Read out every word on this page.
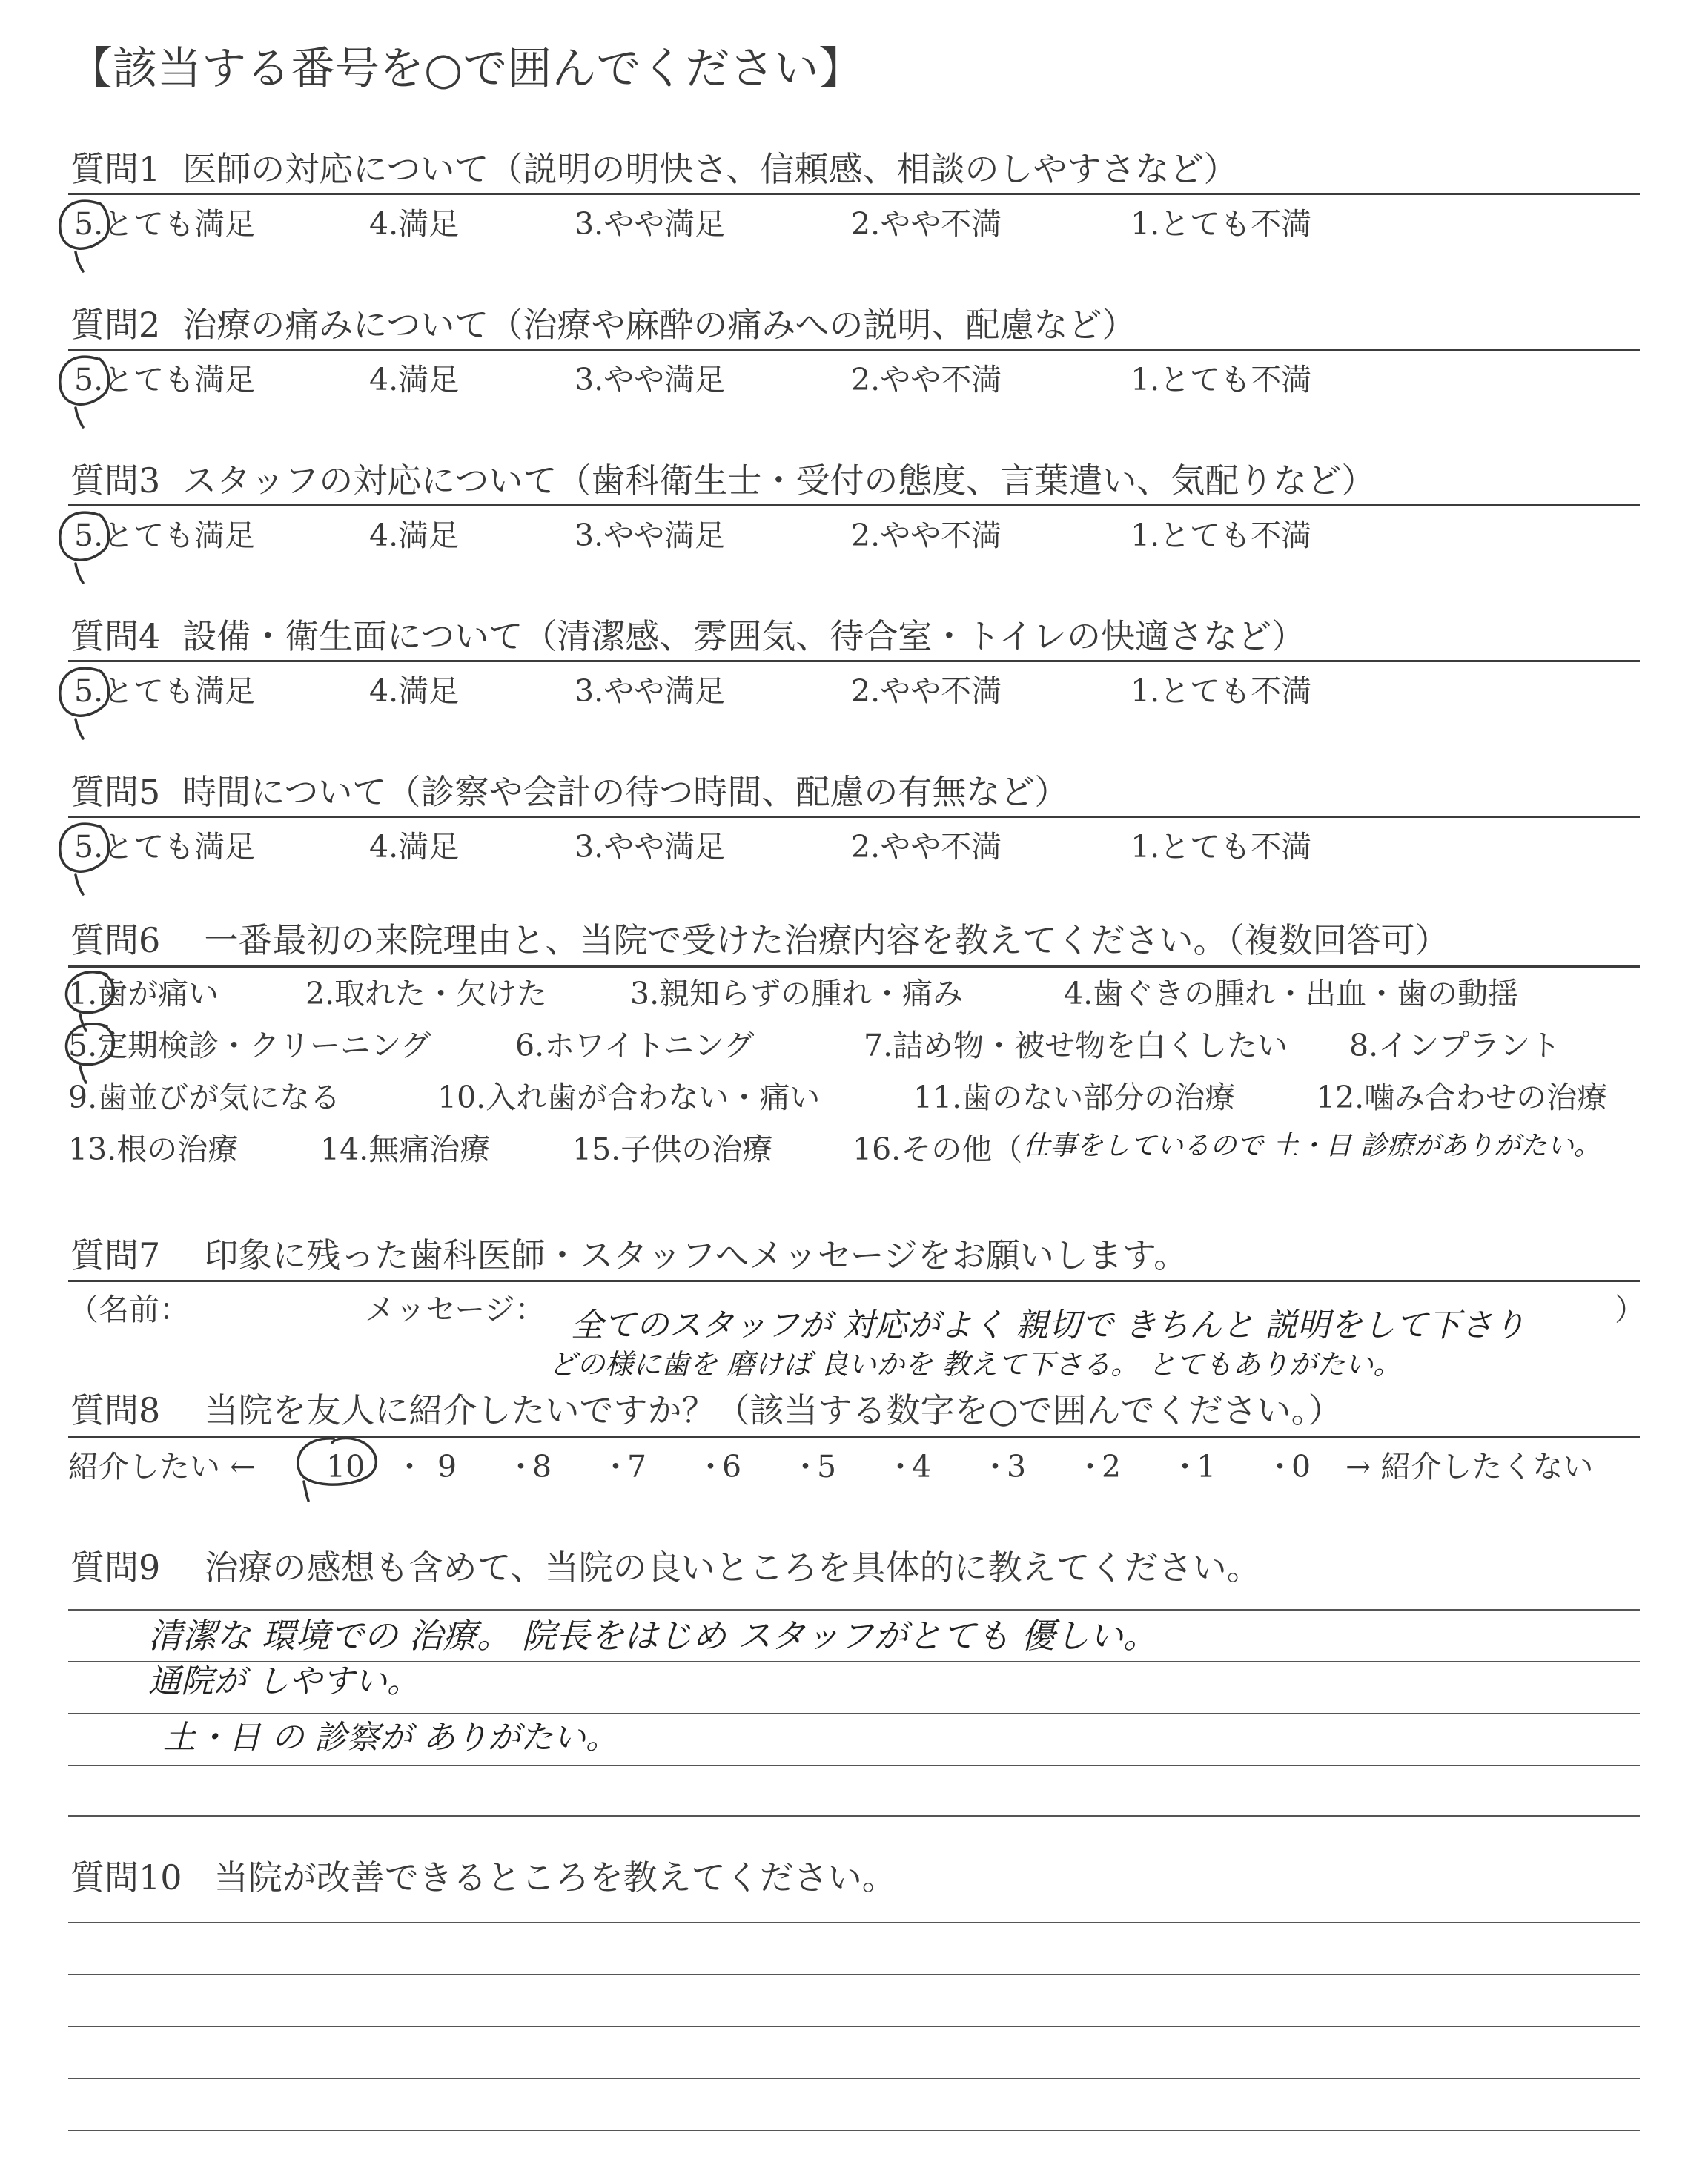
【該当する番号を○で囲んでください】
質問1 医師の対応について（説明の明快さ、信頼感、相談のしやすさなど）
5.とても満足	4.満足	3.やや満足	2.やや不満	1.とても不満
質問2 治療の痛みについて（治療や麻酔の痛みへの説明、配慮など）
5.とても満足	4.満足	3.やや満足	2.やや不満	1.とても不満
質問3 スタッフの対応について（歯科衛生士・受付の態度、言葉遣い、気配りなど）
5.とても満足	4.満足	3.やや満足	2.やや不満	1.とても不満
質問4 設備・衛生面について（清潔感、雰囲気、待合室・トイレの快適さなど）
5.とても満足	4.満足	3.やや満足	2.やや不満	1.とても不満
質問5 時間について（診察や会計の待つ時間、配慮の有無など）
5.とても満足	4.満足	3.やや満足	2.やや不満	1.とても不満
質問6 一番最初の来院理由と、当院で受けた治療内容を教えてください。（複数回答可）
1.歯が痛い	2.取れた・欠けた	3.親知らずの腫れ・痛み	4.歯ぐきの腫れ・出血・歯の動揺
5.定期検診・クリーニング	6.ホワイトニング	7.詰め物・被せ物を白くしたい 8.インプラント
9.歯並びが気になる	10.入れ歯が合わない・痛い	11.歯のない部分の治療	12.噛み合わせの治療
13.根の治療	14.無痛治療	15.子供の治療	16.その他（ 仕事をしているので 土・日 診療がありがたい。
質問7 印象に残った歯科医師・スタッフへメッセージをお願いします。
（名前：	メッセージ：	）
全てのスタッフが 対応がよく 親切で きちんと 説明をして下さり
どの様に歯を 磨けば 良いかを 教えて下さる。 とてもありがたい。
質問8 当院を友人に紹介したいですか？（該当する数字を○で囲んでください。）
紹介したい ← 10 ・ 9 ・
8 ・
7 ・
6 ・
5 ・
4 ・
3 ・
2 ・
1 ・
0 → 紹介したくない
質問9 治療の感想も含めて、当院の良いところを具体的に教えてください。
清潔な 環境での 治療。 院長をはじめ スタッフがとても 優しい。
通院が しやすい。
土・日 の 診察が ありがたい。
質問10 当院が改善できるところを教えてください。
